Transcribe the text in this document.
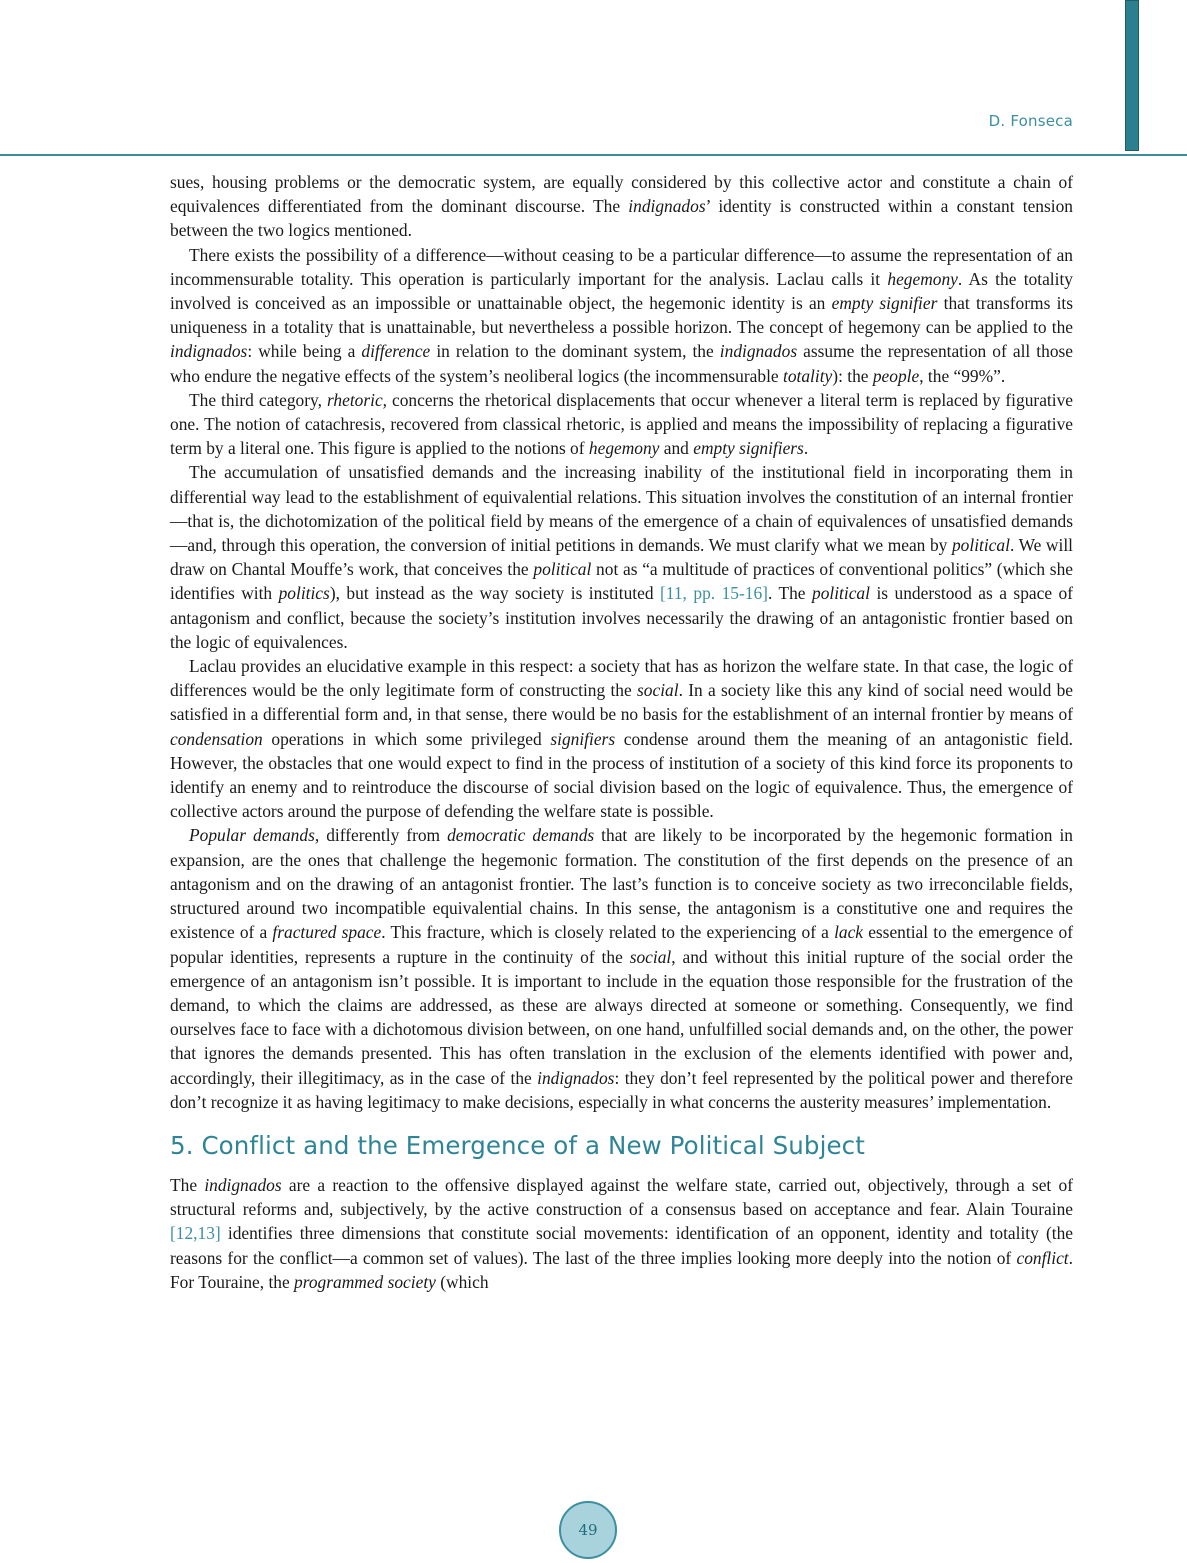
D. Fonseca

sues, housing problems or the democratic system, are equally considered by this collective actor and constitute a chain of equivalences differentiated from the dominant discourse. The indignados’ identity is constructed within a constant tension between the two logics mentioned.

There exists the possibility of a difference—without ceasing to be a particular difference—to assume the representation of an incommensurable totality. This operation is particularly important for the analysis. Laclau calls it hegemony. As the totality involved is conceived as an impossible or unattainable object, the hegemonic identity is an empty signifier that transforms its uniqueness in a totality that is unattainable, but nevertheless a possible horizon. The concept of hegemony can be applied to the indignados: while being a difference in relation to the dominant system, the indignados assume the representation of all those who endure the negative effects of the system’s neoliberal logics (the incommensurable totality): the people, the “99%”.

The third category, rhetoric, concerns the rhetorical displacements that occur whenever a literal term is replaced by figurative one. The notion of catachresis, recovered from classical rhetoric, is applied and means the impossibility of replacing a figurative term by a literal one. This figure is applied to the notions of hegemony and empty signifiers.

The accumulation of unsatisfied demands and the increasing inability of the institutional field in incorporating them in differential way lead to the establishment of equivalential relations. This situation involves the constitution of an internal frontier—that is, the dichotomization of the political field by means of the emergence of a chain of equivalences of unsatisfied demands—and, through this operation, the conversion of initial petitions in demands. We must clarify what we mean by political. We will draw on Chantal Mouffe’s work, that conceives the political not as “a multitude of practices of conventional politics” (which she identifies with politics), but instead as the way society is instituted [11, pp. 15-16]. The political is understood as a space of antagonism and conflict, because the society’s institution involves necessarily the drawing of an antagonistic frontier based on the logic of equivalences.

Laclau provides an elucidative example in this respect: a society that has as horizon the welfare state. In that case, the logic of differences would be the only legitimate form of constructing the social. In a society like this any kind of social need would be satisfied in a differential form and, in that sense, there would be no basis for the establishment of an internal frontier by means of condensation operations in which some privileged signifiers condense around them the meaning of an antagonistic field. However, the obstacles that one would expect to find in the process of institution of a society of this kind force its proponents to identify an enemy and to reintroduce the discourse of social division based on the logic of equivalence. Thus, the emergence of collective actors around the purpose of defending the welfare state is possible.

Popular demands, differently from democratic demands that are likely to be incorporated by the hegemonic formation in expansion, are the ones that challenge the hegemonic formation. The constitution of the first depends on the presence of an antagonism and on the drawing of an antagonist frontier. The last’s function is to conceive society as two irreconcilable fields, structured around two incompatible equivalential chains. In this sense, the antagonism is a constitutive one and requires the existence of a fractured space. This fracture, which is closely related to the experiencing of a lack essential to the emergence of popular identities, represents a rupture in the continuity of the social, and without this initial rupture of the social order the emergence of an antagonism isn’t possible. It is important to include in the equation those responsible for the frustration of the demand, to which the claims are addressed, as these are always directed at someone or something. Consequently, we find ourselves face to face with a dichotomous division between, on one hand, unfulfilled social demands and, on the other, the power that ignores the demands presented. This has often translation in the exclusion of the elements identified with power and, accordingly, their illegitimacy, as in the case of the indignados: they don’t feel represented by the political power and therefore don’t recognize it as having legitimacy to make decisions, especially in what concerns the austerity measures’ implementation.

5. Conflict and the Emergence of a New Political Subject

The indignados are a reaction to the offensive displayed against the welfare state, carried out, objectively, through a set of structural reforms and, subjectively, by the active construction of a consensus based on acceptance and fear. Alain Touraine [12,13] identifies three dimensions that constitute social movements: identification of an opponent, identity and totality (the reasons for the conflict—a common set of values). The last of the three implies looking more deeply into the notion of conflict. For Touraine, the programmed society (which

49
